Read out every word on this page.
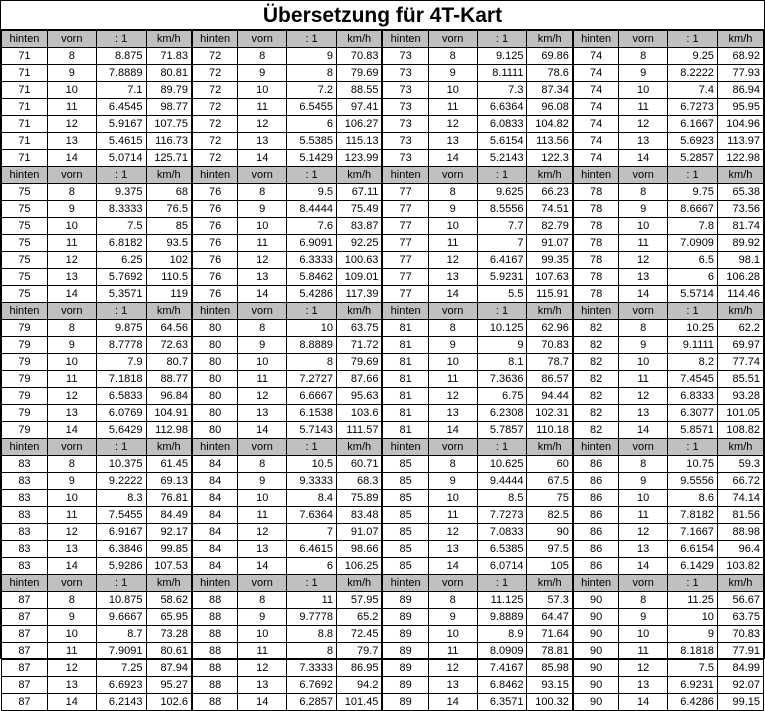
Übersetzung für 4T-Kart
hinten	vorn	: 1	km/h	hinten	vorn	: 1	km/h	hinten	vorn	: 1	km/h	hinten	vorn	: 1	km/h
71	8	8.875	71.83	72	8	9	70.83	73	8	9.125	69.86	74	8	9.25	68.92
71	9	7.8889	80.81	72	9	8	79.69	73	9	8.1111	78.6	74	9	8.2222	77.93
71	10	7.1	89.79	72	10	7.2	88.55	73	10	7.3	87.34	74	10	7.4	86.94
71	11	6.4545	98.77	72	11	6.5455	97.41	73	11	6.6364	96.08	74	11	6.7273	95.95
71	12	5.9167	107.75	72	12	6	106.27	73	12	6.0833	104.82	74	12	6.1667	104.96
71	13	5.4615	116.73	72	13	5.5385	115.13	73	13	5.6154	113.56	74	13	5.6923	113.97
71	14	5.0714	125.71	72	14	5.1429	123.99	73	14	5.2143	122.3	74	14	5.2857	122.98
hinten	vorn	: 1	km/h	hinten	vorn	: 1	km/h	hinten	vorn	: 1	km/h	hinten	vorn	: 1	km/h
75	8	9.375	68	76	8	9.5	67.11	77	8	9.625	66.23	78	8	9.75	65.38
75	9	8.3333	76.5	76	9	8.4444	75.49	77	9	8.5556	74.51	78	9	8.6667	73.56
75	10	7.5	85	76	10	7.6	83.87	77	10	7.7	82.79	78	10	7.8	81.74
75	11	6.8182	93.5	76	11	6.9091	92.25	77	11	7	91.07	78	11	7.0909	89.92
75	12	6.25	102	76	12	6.3333	100.63	77	12	6.4167	99.35	78	12	6.5	98.1
75	13	5.7692	110.5	76	13	5.8462	109.01	77	13	5.9231	107.63	78	13	6	106.28
75	14	5.3571	119	76	14	5.4286	117.39	77	14	5.5	115.91	78	14	5.5714	114.46
hinten	vorn	: 1	km/h	hinten	vorn	: 1	km/h	hinten	vorn	: 1	km/h	hinten	vorn	: 1	km/h
79	8	9.875	64.56	80	8	10	63.75	81	8	10.125	62.96	82	8	10.25	62.2
79	9	8.7778	72.63	80	9	8.8889	71.72	81	9	9	70.83	82	9	9.1111	69.97
79	10	7.9	80.7	80	10	8	79.69	81	10	8.1	78.7	82	10	8.2	77.74
79	11	7.1818	88.77	80	11	7.2727	87.66	81	11	7.3636	86.57	82	11	7.4545	85.51
79	12	6.5833	96.84	80	12	6.6667	95.63	81	12	6.75	94.44	82	12	6.8333	93.28
79	13	6.0769	104.91	80	13	6.1538	103.6	81	13	6.2308	102.31	82	13	6.3077	101.05
79	14	5.6429	112.98	80	14	5.7143	111.57	81	14	5.7857	110.18	82	14	5.8571	108.82
hinten	vorn	: 1	km/h	hinten	vorn	: 1	km/h	hinten	vorn	: 1	km/h	hinten	vorn	: 1	km/h
83	8	10.375	61.45	84	8	10.5	60.71	85	8	10.625	60	86	8	10.75	59.3
83	9	9.2222	69.13	84	9	9.3333	68.3	85	9	9.4444	67.5	86	9	9.5556	66.72
83	10	8.3	76.81	84	10	8.4	75.89	85	10	8.5	75	86	10	8.6	74.14
83	11	7.5455	84.49	84	11	7.6364	83.48	85	11	7.7273	82.5	86	11	7.8182	81.56
83	12	6.9167	92.17	84	12	7	91.07	85	12	7.0833	90	86	12	7.1667	88.98
83	13	6.3846	99.85	84	13	6.4615	98.66	85	13	6.5385	97.5	86	13	6.6154	96.4
83	14	5.9286	107.53	84	14	6	106.25	85	14	6.0714	105	86	14	6.1429	103.82
hinten	vorn	: 1	km/h	hinten	vorn	: 1	km/h	hinten	vorn	: 1	km/h	hinten	vorn	: 1	km/h
87	8	10.875	58.62	88	8	11	57.95	89	8	11.125	57.3	90	8	11.25	56.67
87	9	9.6667	65.95	88	9	9.7778	65.2	89	9	9.8889	64.47	90	9	10	63.75
87	10	8.7	73.28	88	10	8.8	72.45	89	10	8.9	71.64	90	10	9	70.83
87	11	7.9091	80.61	88	11	8	79.7	89	11	8.0909	78.81	90	11	8.1818	77.91
87	12	7.25	87.94	88	12	7.3333	86.95	89	12	7.4167	85.98	90	12	7.5	84.99
87	13	6.6923	95.27	88	13	6.7692	94.2	89	13	6.8462	93.15	90	13	6.9231	92.07
87	14	6.2143	102.6	88	14	6.2857	101.45	89	14	6.3571	100.32	90	14	6.4286	99.15
